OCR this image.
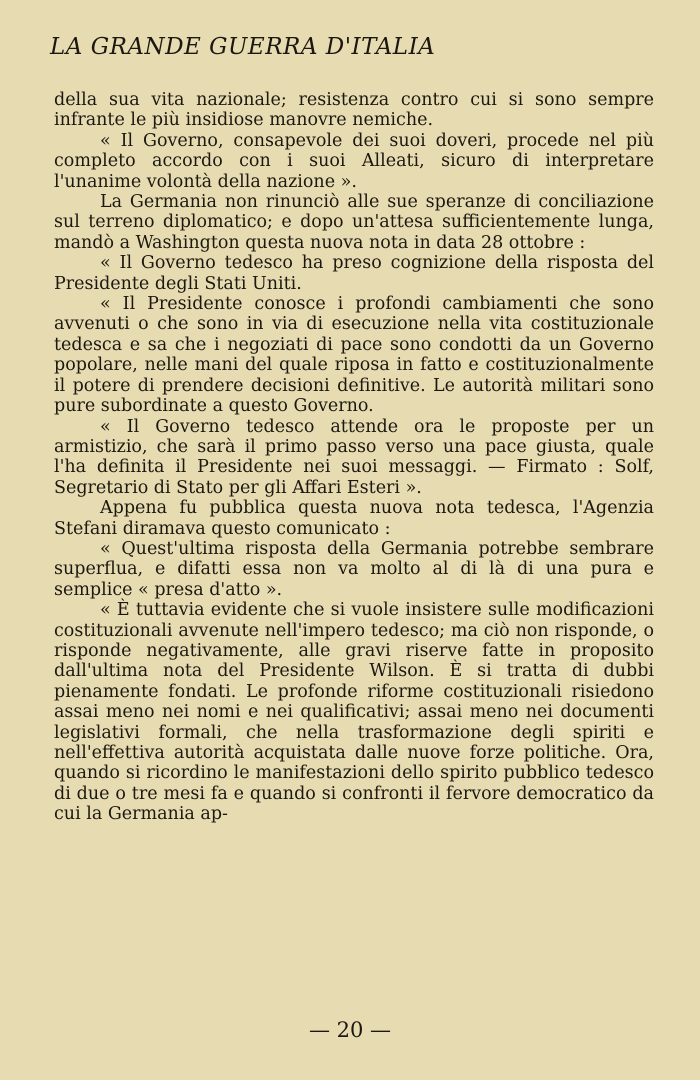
LA GRANDE GUERRA D'ITALIA

della sua vita nazionale; resistenza contro cui si sono sempre infrante le più insidiose manovre nemiche.

« Il Governo, consapevole dei suoi doveri, procede nel più completo accordo con i suoi Alleati, sicuro di interpretare l'unanime volontà della nazione ».

La Germania non rinunciò alle sue speranze di conciliazione sul terreno diplomatico; e dopo un'attesa sufficientemente lunga, mandò a Washington questa nuova nota in data 28 ottobre :

« Il Governo tedesco ha preso cognizione della risposta del Presidente degli Stati Uniti.

« Il Presidente conosce i profondi cambiamenti che sono avvenuti o che sono in via di esecuzione nella vita costituzionale tedesca e sa che i negoziati di pace sono condotti da un Governo popolare, nelle mani del quale riposa in fatto e costituzionalmente il potere di prendere decisioni definitive. Le autorità militari sono pure subordinate a questo Governo.

« Il Governo tedesco attende ora le proposte per un armistizio, che sarà il primo passo verso una pace giusta, quale l'ha definita il Presidente nei suoi messaggi. — Firmato : Solf, Segretario di Stato per gli Affari Esteri ».

Appena fu pubblica questa nuova nota tedesca, l'Agenzia Stefani diramava questo comunicato :

« Quest'ultima risposta della Germania potrebbe sembrare superflua, e difatti essa non va molto al di là di una pura e semplice « presa d'atto ».

« È tuttavia evidente che si vuole insistere sulle modificazioni costituzionali avvenute nell'impero tedesco; ma ciò non risponde, o risponde negativamente, alle gravi riserve fatte in proposito dall'ultima nota del Presidente Wilson. È si tratta di dubbi pienamente fondati. Le profonde riforme costituzionali risiedono assai meno nei nomi e nei qualificativi; assai meno nei documenti legislativi formali, che nella trasformazione degli spiriti e nell'effettiva autorità acquistata dalle nuove forze politiche. Ora, quando si ricordino le manifestazioni dello spirito pubblico tedesco di due o tre mesi fa e quando si confronti il fervore democratico da cui la Germania ap-

— 20 —
